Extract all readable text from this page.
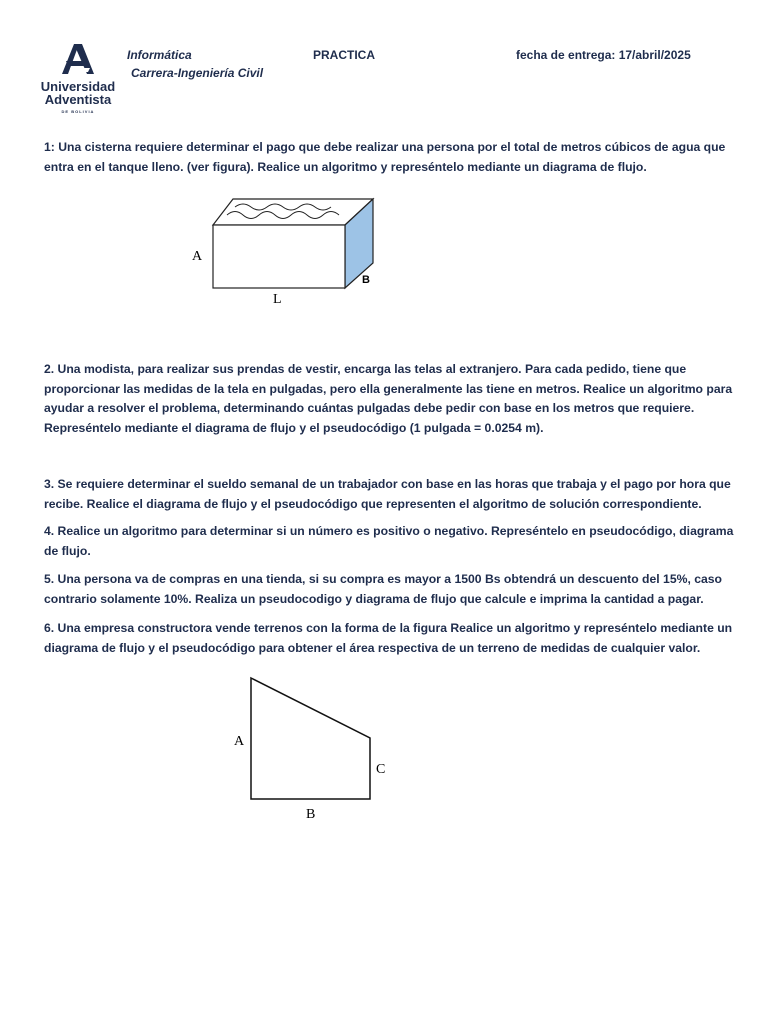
Universidad
Adventista
DE BOLIVIA
Informática
Carrera-Ingeniería Civil
PRACTICA	fecha de entrega: 17/abril/2025
1: Una cisterna requiere determinar el pago que debe realizar una persona por el total de metros cúbicos de agua que entra en el tanque lleno. (ver figura). Realice un algoritmo y represéntelo mediante un diagrama de flujo.
A
L
B
2. Una modista, para realizar sus prendas de vestir, encarga las telas al extranjero. Para cada pedido, tiene que proporcionar las medidas de la tela en pulgadas, pero ella generalmente las tiene en metros. Realice un algoritmo para ayudar a resolver el problema, determinando cuántas pulgadas debe pedir con base en los metros que requiere. Represéntelo mediante el diagrama de flujo y el pseudocódigo (1 pulgada = 0.0254 m).
3. Se requiere determinar el sueldo semanal de un trabajador con base en las horas que trabaja y el pago por hora que recibe. Realice el diagrama de flujo y el pseudocódigo que representen el algoritmo de solución correspondiente.
4. Realice un algoritmo para determinar si un número es positivo o negativo. Represéntelo en pseudocódigo, diagrama de flujo.
5. Una persona va de compras en una tienda, si su compra es mayor a 1500 Bs obtendrá un descuento del 15%, caso contrario solamente 10%. Realiza un pseudocodigo y diagrama de flujo que calcule e imprima la cantidad a pagar.
6. Una empresa constructora vende terrenos con la forma de la figura Realice un algoritmo y represéntelo mediante un diagrama de flujo y el pseudocódigo para obtener el área respectiva de un terreno de medidas de cualquier valor.
A
C
B
